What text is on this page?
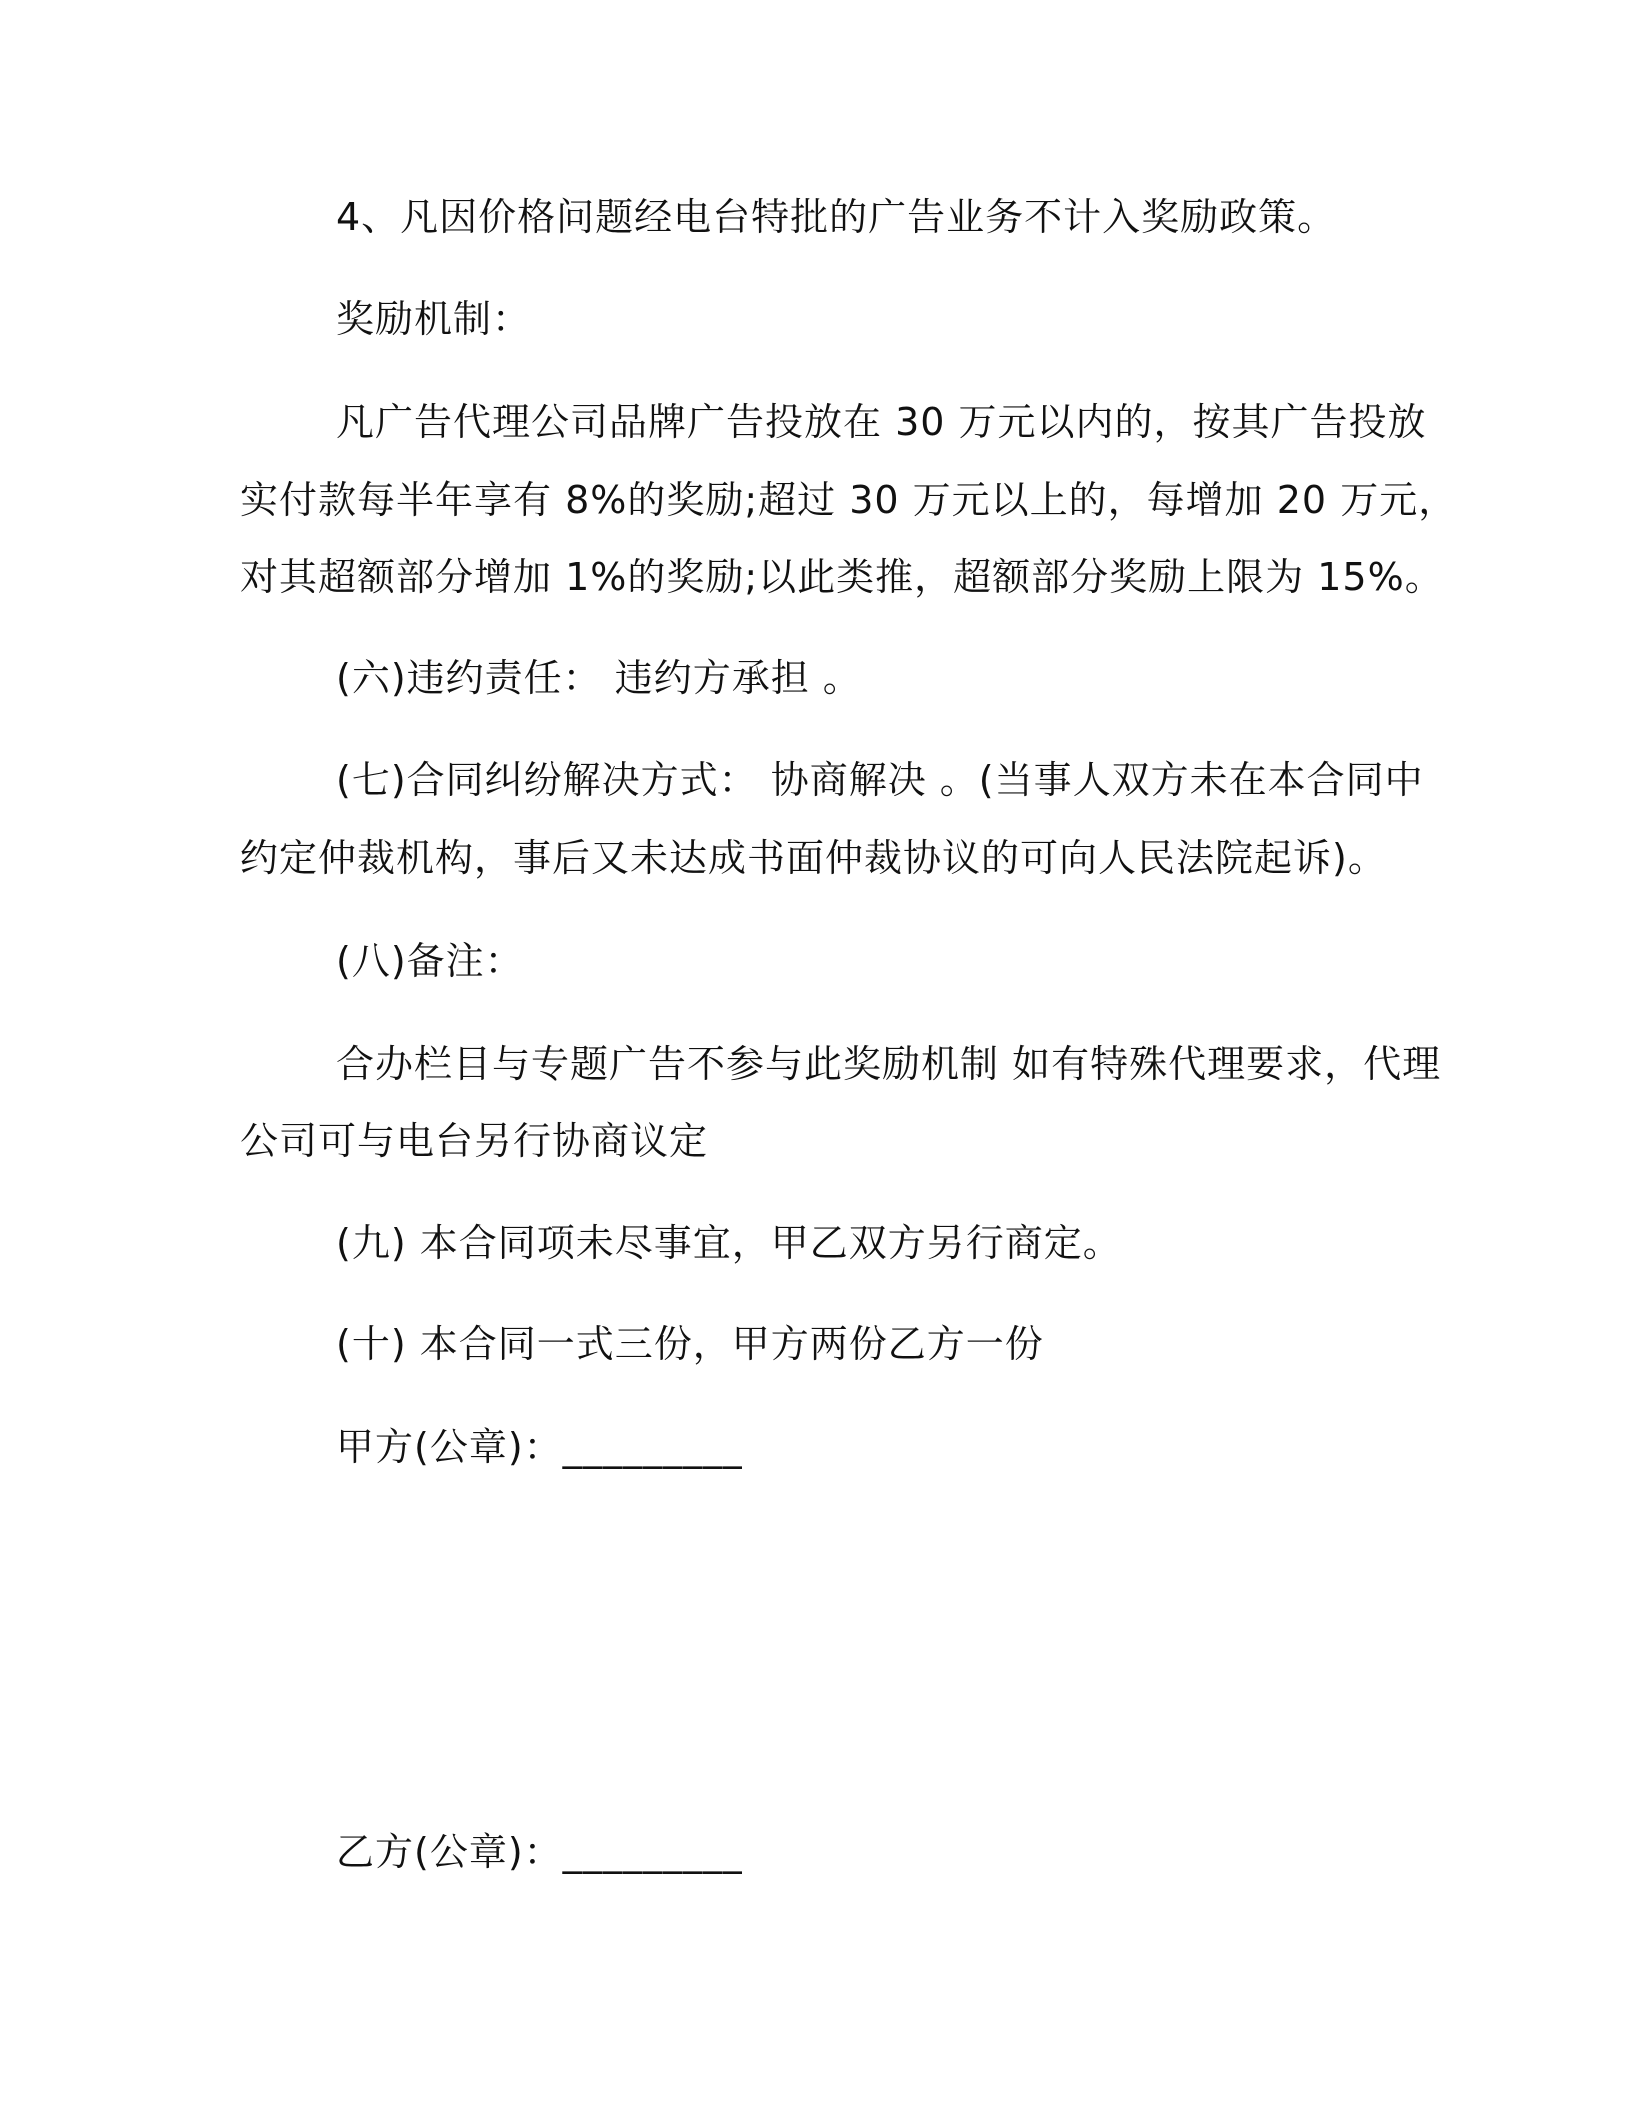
4、凡因价格问题经电台特批的广告业务不计入奖励政策。
奖励机制：
凡广告代理公司品牌广告投放在 30 万元以内的，按其广告投放
实付款每半年享有 8%的奖励;超过 30 万元以上的，每增加 20 万元，
对其超额部分增加 1%的奖励;以此类推，超额部分奖励上限为 15%。
(六)违约责任： 违约方承担 。
(七)合同纠纷解决方式： 协商解决 。(当事人双方未在本合同中
约定仲裁机构，事后又未达成书面仲裁协议的可向人民法院起诉)。
(八)备注：
合办栏目与专题广告不参与此奖励机制 如有特殊代理要求，代理
公司可与电台另行协商议定
(九) 本合同项未尽事宜，甲乙双方另行商定。
(十) 本合同一式三份，甲方两份乙方一份
甲方(公章)：_________
乙方(公章)：_________
